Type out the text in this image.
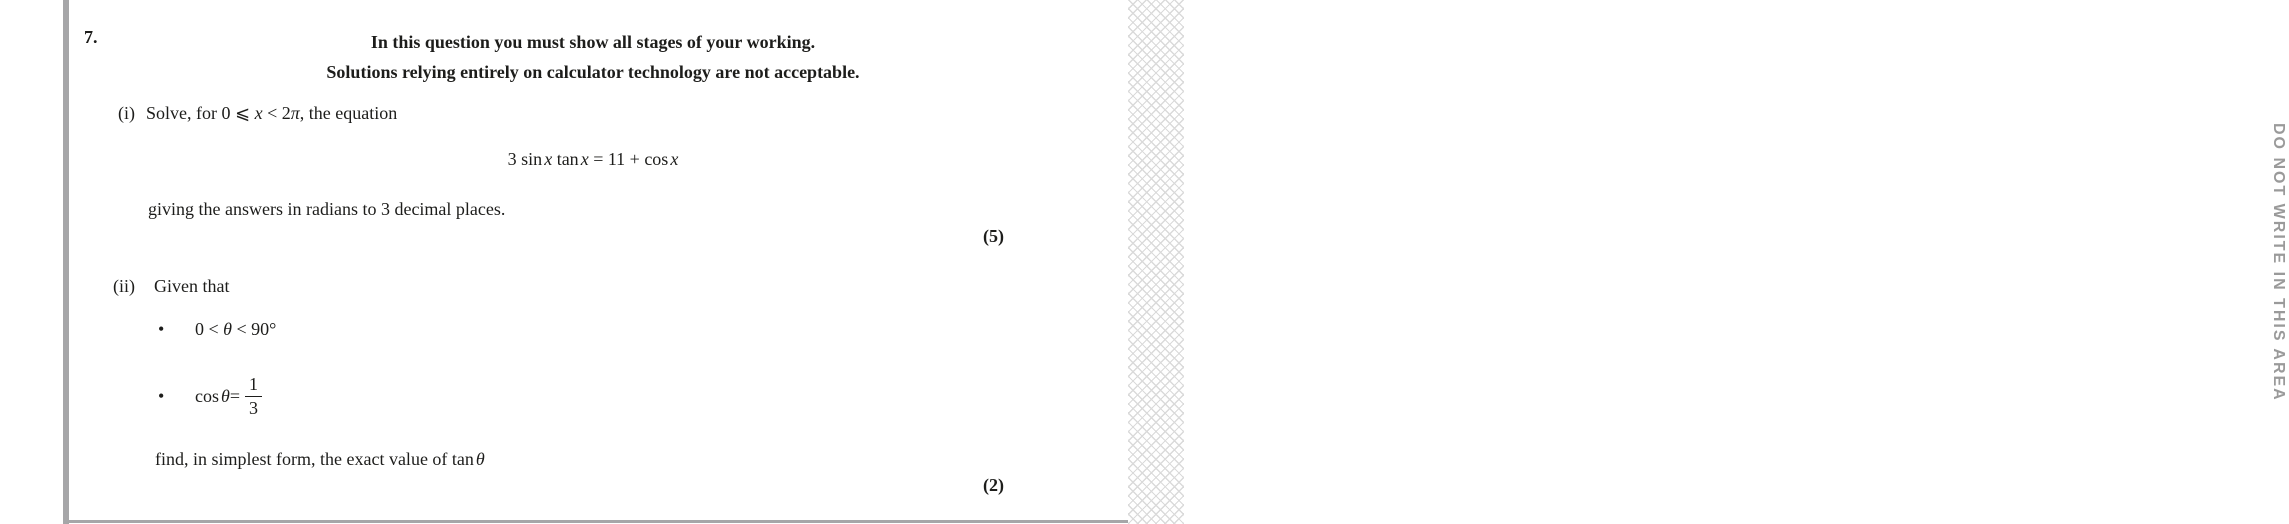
DO NOT WRITE IN THIS AREA
7.	In this question you must show all stages of your working.
Solutions relying entirely on calculator technology are not acceptable.
(i) Solve, for 0 ⩽ x < 2π, the equation
3 sin x tan x = 11 + cos x
giving the answers in radians to 3 decimal places.
(5)
(ii) Given that
• 0 < θ < 90°
•	$\cos \theta = \frac{1}{3}$
find, in simplest form, the exact value of tan θ
(2)
